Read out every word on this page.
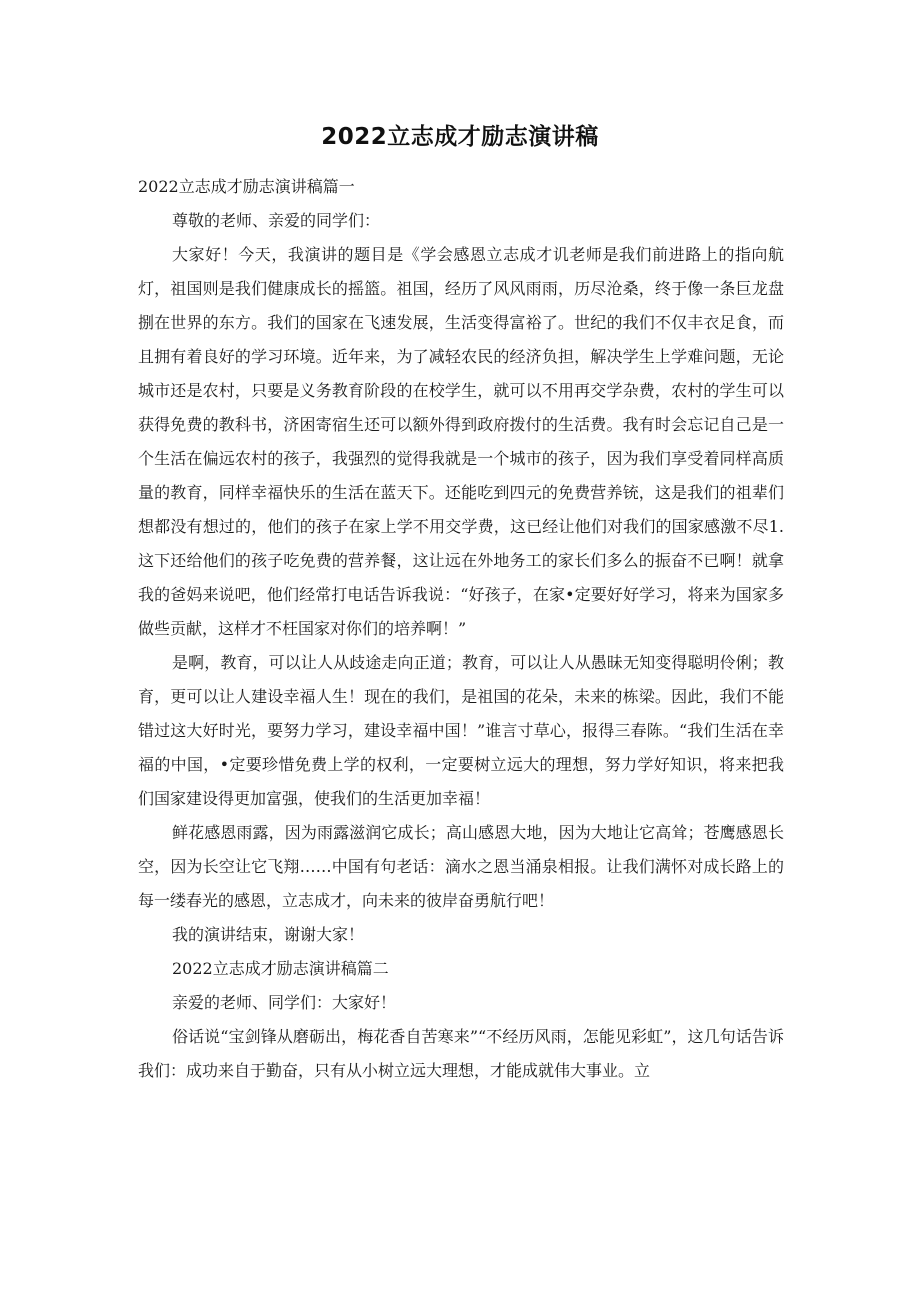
2022立志成才励志演讲稿

2022立志成才励志演讲稿篇一

尊敬的老师、亲爱的同学们：

大家好！今天，我演讲的题目是《学会感恩立志成才讥老师是我们前进路上的指向航灯，祖国则是我们健康成长的摇篮。祖国，经历了风风雨雨，历尽沧桑，终于像一条巨龙盘捌在世界的东方。我们的国家在飞速发展，生活变得富裕了。世纪的我们不仅丰衣足食，而且拥有着良好的学习环境。近年来，为了减轻农民的经济负担，解决学生上学难问题，无论城市还是农村，只要是义务教育阶段的在校学生，就可以不用再交学杂费，农村的学生可以获得免费的教科书，济困寄宿生还可以额外得到政府拨付的生活费。我有时会忘记自己是一个生活在偏远农村的孩子，我强烈的觉得我就是一个城市的孩子，因为我们享受着同样高质量的教育，同样幸福快乐的生活在蓝天下。还能吃到四元的免费营养铳，这是我们的祖辈们想都没有想过的，他们的孩子在家上学不用交学费，这已经让他们对我们的国家感激不尽1.这下还给他们的孩子吃免费的营养餐，这让远在外地务工的家长们多么的振奋不已啊！就拿我的爸妈来说吧，他们经常打电话告诉我说：“好孩子，在家•定要好好学习，将来为国家多做些贡献，这样才不枉国家对你们的培养啊！”

是啊，教育，可以让人从歧途走向正道；教育，可以让人从愚昧无知变得聪明伶俐；教育，更可以让人建设幸福人生！现在的我们，是祖国的花朵，未来的栋梁。因此，我们不能错过这大好时光，要努力学习，建设幸福中国！”谁言寸草心，报得三春陈。“我们生活在幸福的中国，•定要珍惜免费上学的权利，一定要树立远大的理想，努力学好知识，将来把我们国家建设得更加富强，使我们的生活更加幸福！

鲜花感恩雨露，因为雨露滋润它成长；高山感恩大地，因为大地让它高耸；苍鹰感恩长空，因为长空让它飞翔……中国有句老话：滴水之恩当涌泉相报。让我们满怀对成长路上的每一缕春光的感恩，立志成才，向未来的彼岸奋勇航行吧！

我的演讲结束，谢谢大家！

2022立志成才励志演讲稿篇二

亲爱的老师、同学们：大家好！

俗话说“宝剑锋从磨砺出，梅花香自苦寒来”“不经历风雨，怎能见彩虹”，这几句话告诉我们：成功来自于勤奋，只有从小树立远大理想，才能成就伟大事业。立
